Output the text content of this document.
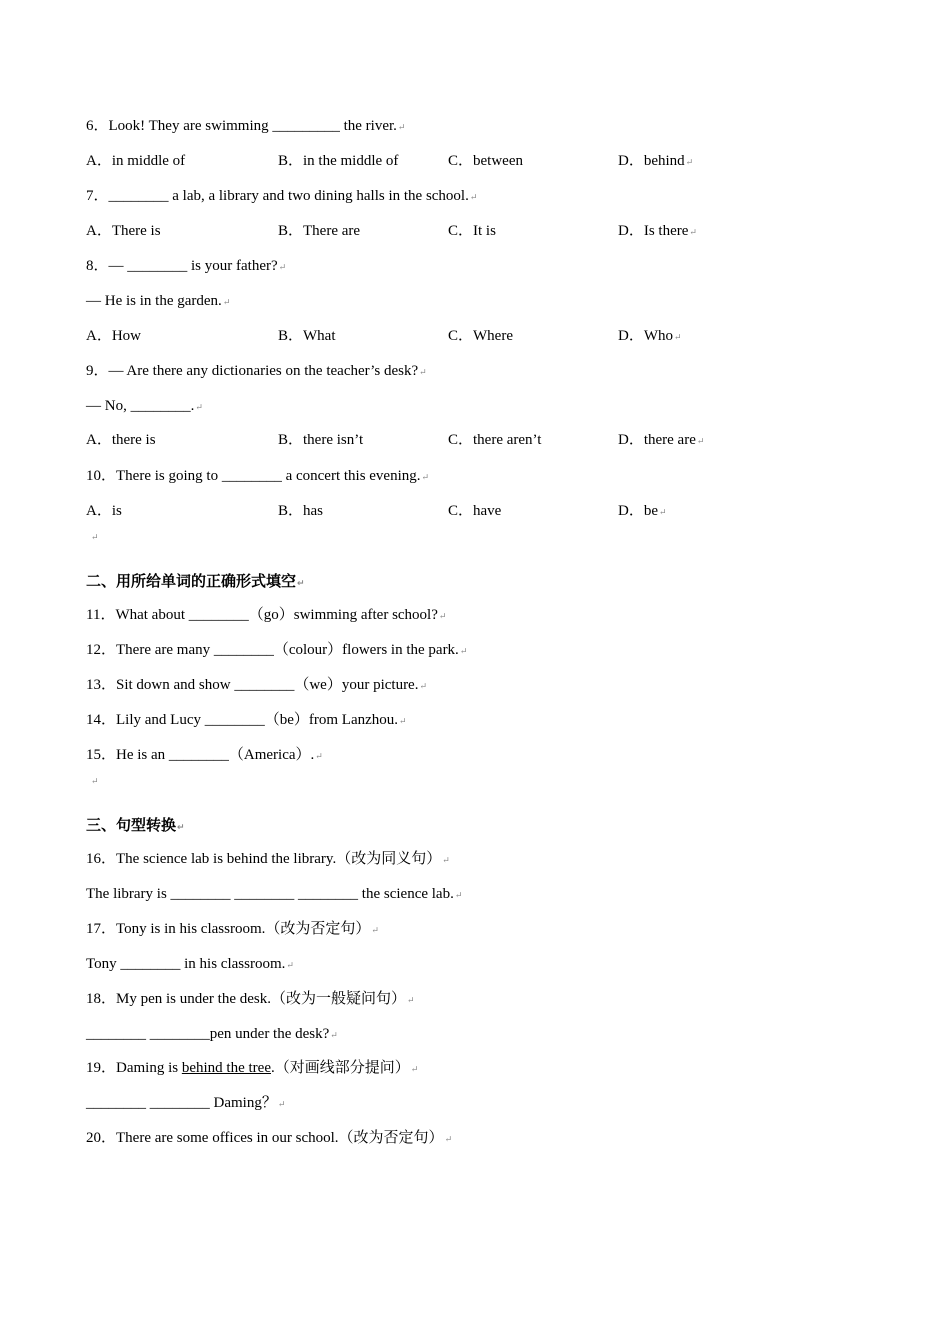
6．Look! They are swimming _________ the river.↵
A．in middle of	B．in the middle of	C．between	D．behind↵
7．________ a lab, a library and two dining halls in the school.↵
A．There is	B．There are	C．It is	D．Is there↵
8．— ________ is your father?↵
— He is in the garden.↵
A．How	B．What	C．Where	D．Who↵
9．— Are there any dictionaries on the teacher’s desk?↵
— No, ________.↵
A．there is	B．there isn’t	C．there aren’t	D．there are↵
10．There is going to ________ a concert this evening.↵
A．is	B．has	C．have	D．be↵
↵
二、用所给单词的正确形式填空↵
11．What about ________（go）swimming after school?↵
12．There are many ________（colour）flowers in the park.↵
13．Sit down and show ________（we）your picture.↵
14．Lily and Lucy ________（be）from Lanzhou.↵
15．He is an ________（America）.↵
↵
三、句型转换↵
16．The science lab is behind the library.（改为同义句）↵
The library is ________ ________ ________ the science lab.↵
17．Tony is in his classroom.（改为否定句）↵
Tony ________ in his classroom.↵
18．My pen is under the desk.（改为一般疑问句）↵
________ ________pen under the desk?↵
19．Daming is behind the tree.（对画线部分提问）↵
________ ________ Daming？↵
20．There are some offices in our school.（改为否定句）↵
